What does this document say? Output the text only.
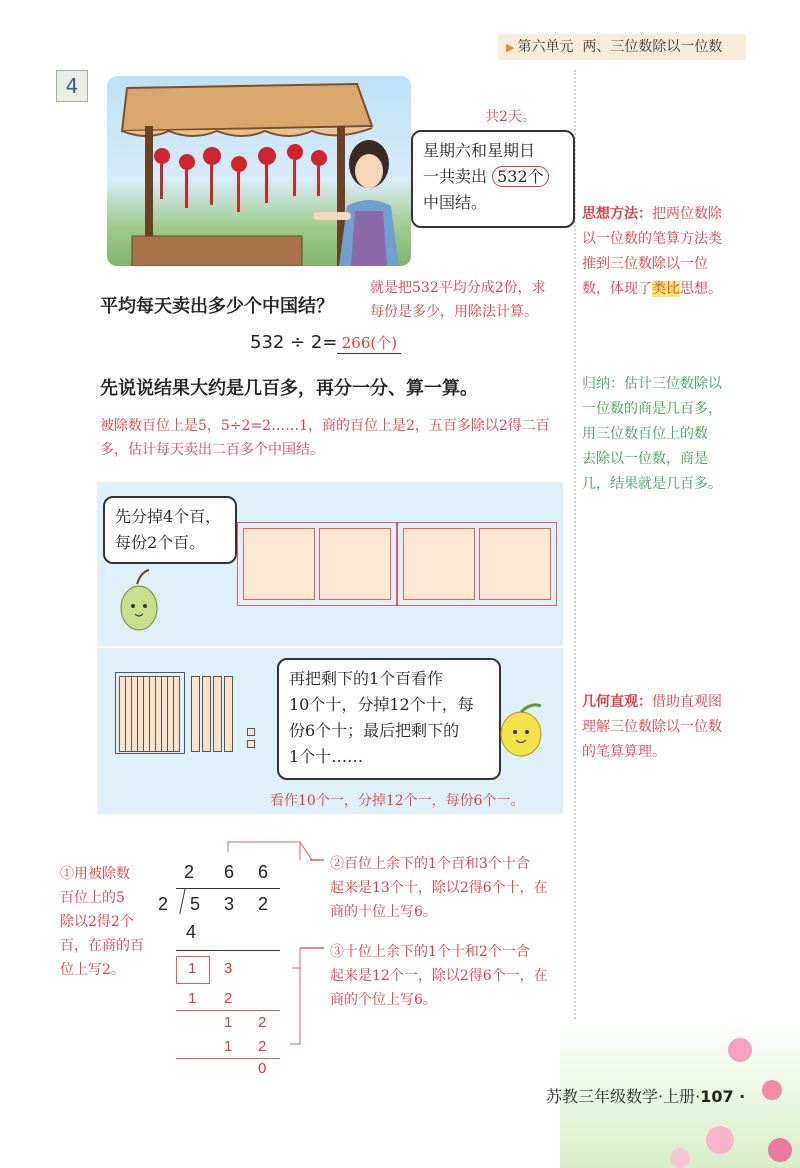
▶ 第六单元 两、三位数除以一位数
4
星期六和星期日
一共卖出 532个
中国结。
共2天。
平均每天卖出多少个中国结？
就是把532平均分成2份，求
每份是多少，用除法计算。
532 ÷ 2= 266(个)
先说说结果大约是几百多，再分一分、算一算。
被除数百位上是5，5÷2=2……1，商的百位上是2，五百多除以2得二百
多，估计每天卖出二百多个中国结。
先分掉4个百，
每份2个百。
再把剩下的1个百看作
10个十，分掉12个十，每
份6个十；最后把剩下的
1个十……
看作10个一，分掉12个一，每份6个一。
2 6 6
2 5 3 2
4
1 3
1 2
1 2
1 2
0
①用被除数
百位上的5
除以2得2个
百，在商的百
位上写2。
②百位上余下的1个百和3个十合
起来是13个十，除以2得6个十，在
商的十位上写6。
③十位上余下的1个十和2个一合
起来是12个一，除以2得6个一，在
商的个位上写6。
思想方法：把两位数除
以一位数的笔算方法类
推到三位数除以一位
数，体现了类比思想。
归纳：估计三位数除以
一位数的商是几百多，
用三位数百位上的数
去除以一位数，商是
几，结果就是几百多。
几何直观：借助直观图
理解三位数除以一位数
的笔算算理。
苏教三年级数学·上册·107 ·
